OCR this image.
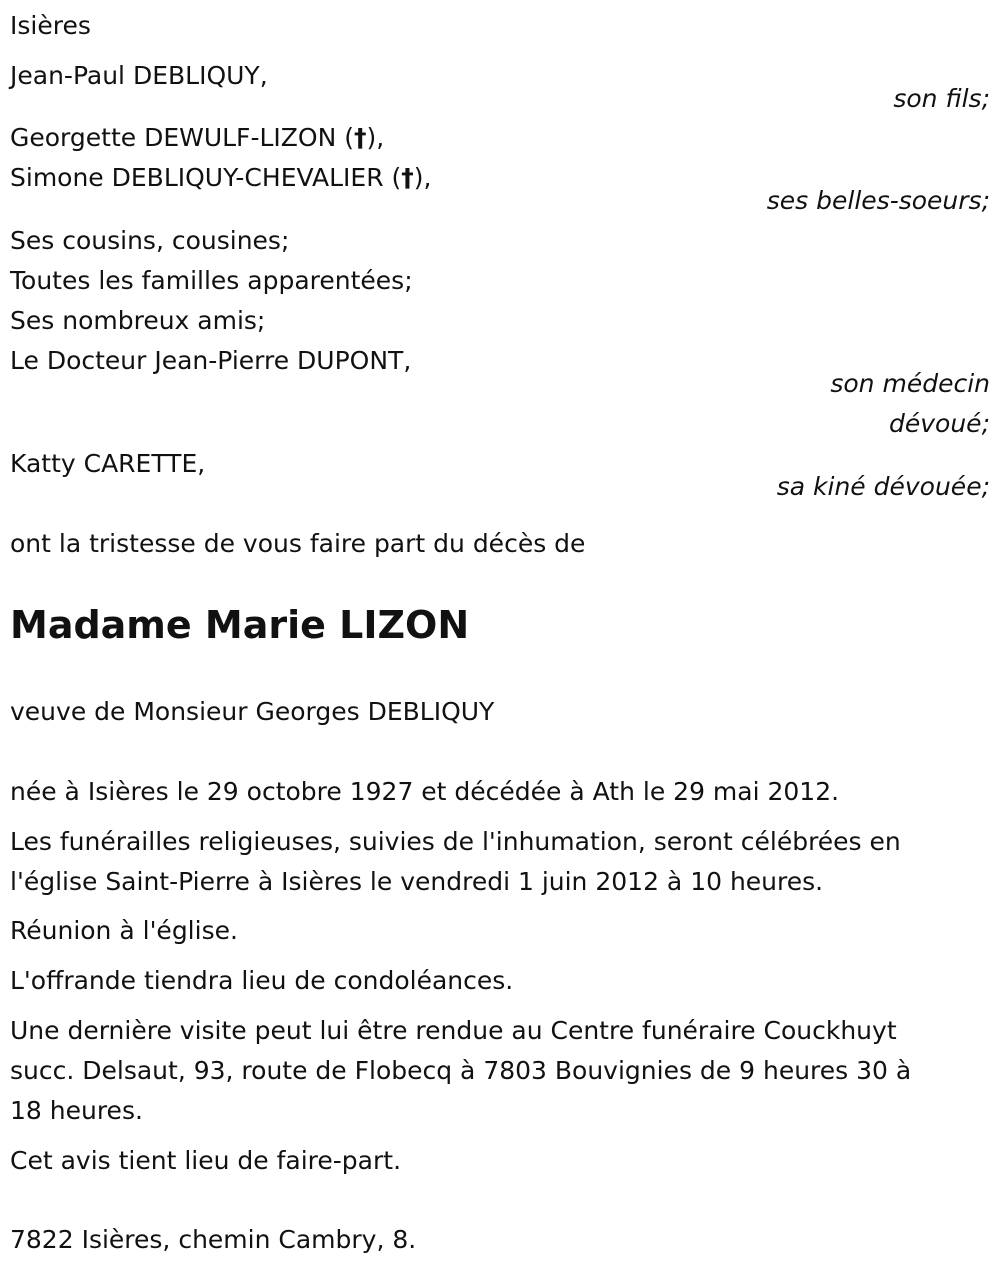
Isières
Jean-Paul DEBLIQUY,
son fils;
Georgette DEWULF-LIZON (†),
Simone DEBLIQUY-CHEVALIER (†),
ses belles-soeurs;
Ses cousins, cousines;
Toutes les familles apparentées;
Ses nombreux amis;
Le Docteur Jean-Pierre DUPONT,
son médecin
dévoué;
Katty CARETTE,
sa kiné dévouée;
ont la tristesse de vous faire part du décès de
Madame Marie LIZON
veuve de Monsieur Georges DEBLIQUY
née à Isières le 29 octobre 1927 et décédée à Ath le 29 mai 2012.
Les funérailles religieuses, suivies de l'inhumation, seront célébrées en
l'église Saint-Pierre à Isières le vendredi 1 juin 2012 à 10 heures.
Réunion à l'église.
L'offrande tiendra lieu de condoléances.
Une dernière visite peut lui être rendue au Centre funéraire Couckhuyt
succ. Delsaut, 93, route de Flobecq à 7803 Bouvignies de 9 heures 30 à
18 heures.
Cet avis tient lieu de faire-part.
7822 Isières, chemin Cambry, 8.
